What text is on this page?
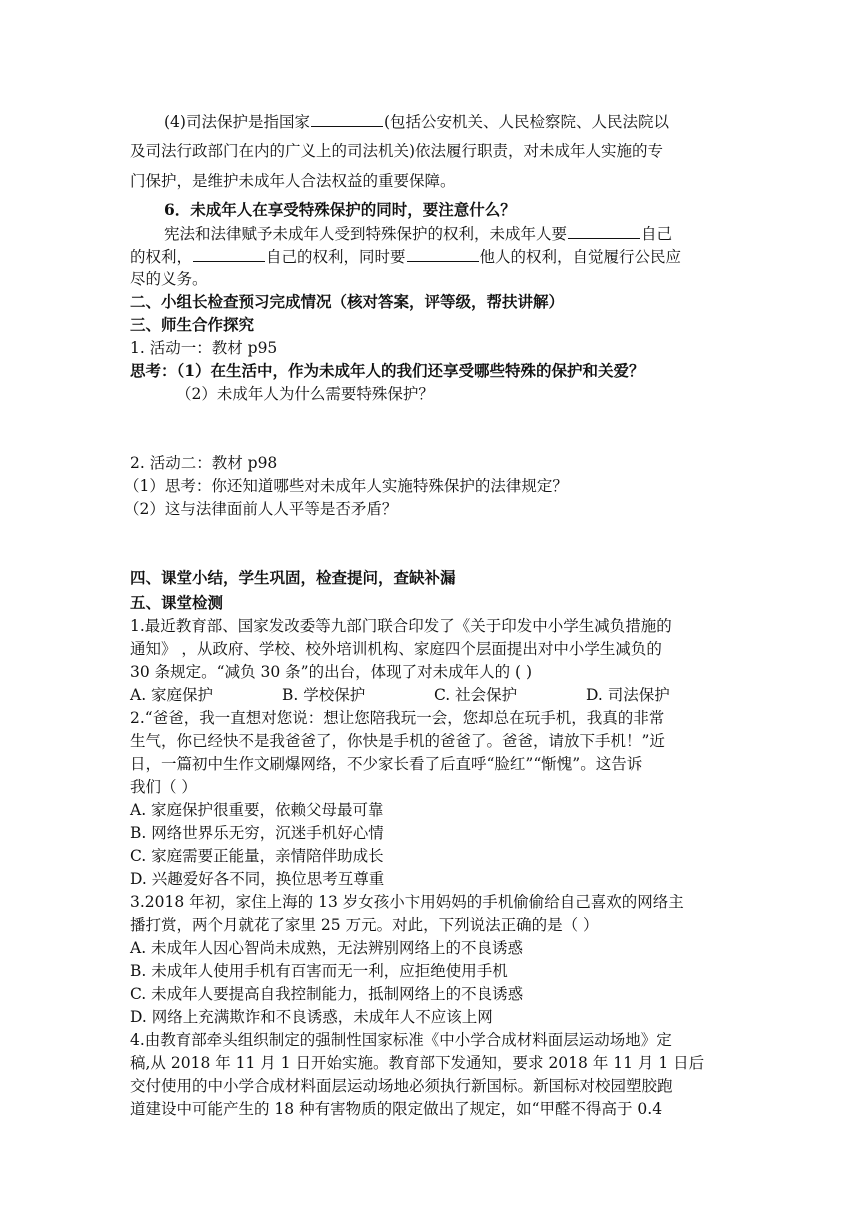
(4)司法保护是指国家	(包括公安机关、人民检察院、人民法院以
及司法行政部门在内的广义上的司法机关)依法履行职责，对未成年人实施的专
门保护，是维护未成年人合法权益的重要保障。
6．未成年人在享受特殊保护的同时，要注意什么？
宪法和法律赋予未成年人受到特殊保护的权利，未成年人要	自己
的权利，	自己的权利，同时要	他人的权利，自觉履行公民应
尽的义务。
二、小组长检查预习完成情况（核对答案，评等级，帮扶讲解）
三、师生合作探究
1. 活动一：教材 p95
思考：（1）在生活中，作为未成年人的我们还享受哪些特殊的保护和关爱？
（2）未成年人为什么需要特殊保护？
2. 活动二：教材 p98
（1）思考：你还知道哪些对未成年人实施特殊保护的法律规定？
（2）这与法律面前人人平等是否矛盾？
四、课堂小结，学生巩固，检查提问，查缺补漏
五、课堂检测
1.最近教育部、国家发改委等九部门联合印发了《关于印发中小学生减负措施的
通知》 ，从政府、学校、校外培训机构、家庭四个层面提出对中小学生减负的
30 条规定。“减负 30 条”的出台，体现了对未成年人的 ( )
A. 家庭保护	B. 学校保护	C. 社会保护	D. 司法保护
2.“爸爸，我一直想对您说：想让您陪我玩一会，您却总在玩手机，我真的非常
生气，你已经快不是我爸爸了，你快是手机的爸爸了。爸爸，请放下手机！”近
日，一篇初中生作文刷爆网络，不少家长看了后直呼“脸红”“惭愧”。这告诉
我们（ ）
A. 家庭保护很重要，依赖父母最可靠
B. 网络世界乐无穷，沉迷手机好心情
C. 家庭需要正能量，亲情陪伴助成长
D. 兴趣爱好各不同，换位思考互尊重
3.2018 年初，家住上海的 13 岁女孩小卞用妈妈的手机偷偷给自己喜欢的网络主
播打赏，两个月就花了家里 25 万元。对此，下列说法正确的是（ ）
A. 未成年人因心智尚未成熟，无法辨别网络上的不良诱惑
B. 未成年人使用手机有百害而无一利，应拒绝使用手机
C. 未成年人要提高自我控制能力，抵制网络上的不良诱惑
D. 网络上充满欺诈和不良诱惑，未成年人不应该上网
4.由教育部牵头组织制定的强制性国家标准《中小学合成材料面层运动场地》定
稿,从 2018 年 11 月 1 日开始实施。教育部下发通知，要求 2018 年 11 月 1 日后
交付使用的中小学合成材料面层运动场地必须执行新国标。新国标对校园塑胶跑
道建设中可能产生的 18 种有害物质的限定做出了规定，如“甲醛不得高于 0.4
